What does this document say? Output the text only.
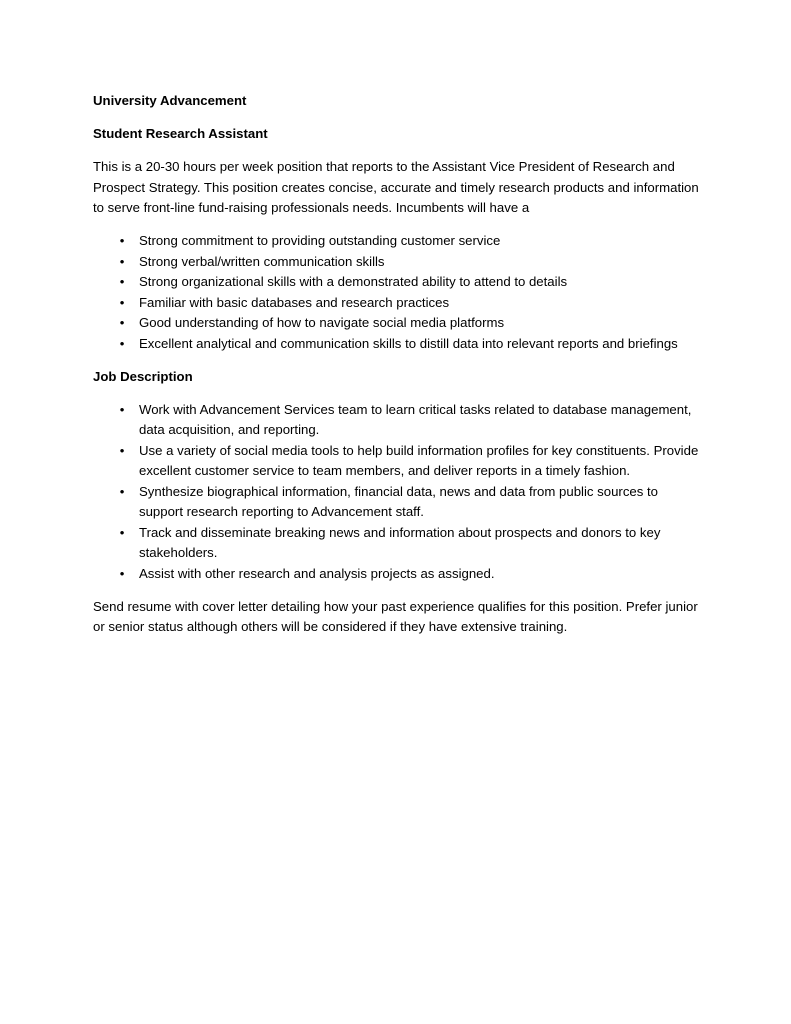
University Advancement

Student Research Assistant

This is a 20-30 hours per week position that reports to the Assistant Vice President of Research and Prospect Strategy. This position creates concise, accurate and timely research products and information to serve front-line fund-raising professionals needs. Incumbents will have a

• Strong commitment to providing outstanding customer service
• Strong verbal/written communication skills
• Strong organizational skills with a demonstrated ability to attend to details
• Familiar with basic databases and research practices
• Good understanding of how to navigate social media platforms
• Excellent analytical and communication skills to distill data into relevant reports and briefings

Job Description

• Work with Advancement Services team to learn critical tasks related to database management, data acquisition, and reporting.
• Use a variety of social media tools to help build information profiles for key constituents. Provide excellent customer service to team members, and deliver reports in a timely fashion.
• Synthesize biographical information, financial data, news and data from public sources to support research reporting to Advancement staff.
• Track and disseminate breaking news and information about prospects and donors to key stakeholders.
• Assist with other research and analysis projects as assigned.

Send resume with cover letter detailing how your past experience qualifies for this position. Prefer junior or senior status although others will be considered if they have extensive training.
